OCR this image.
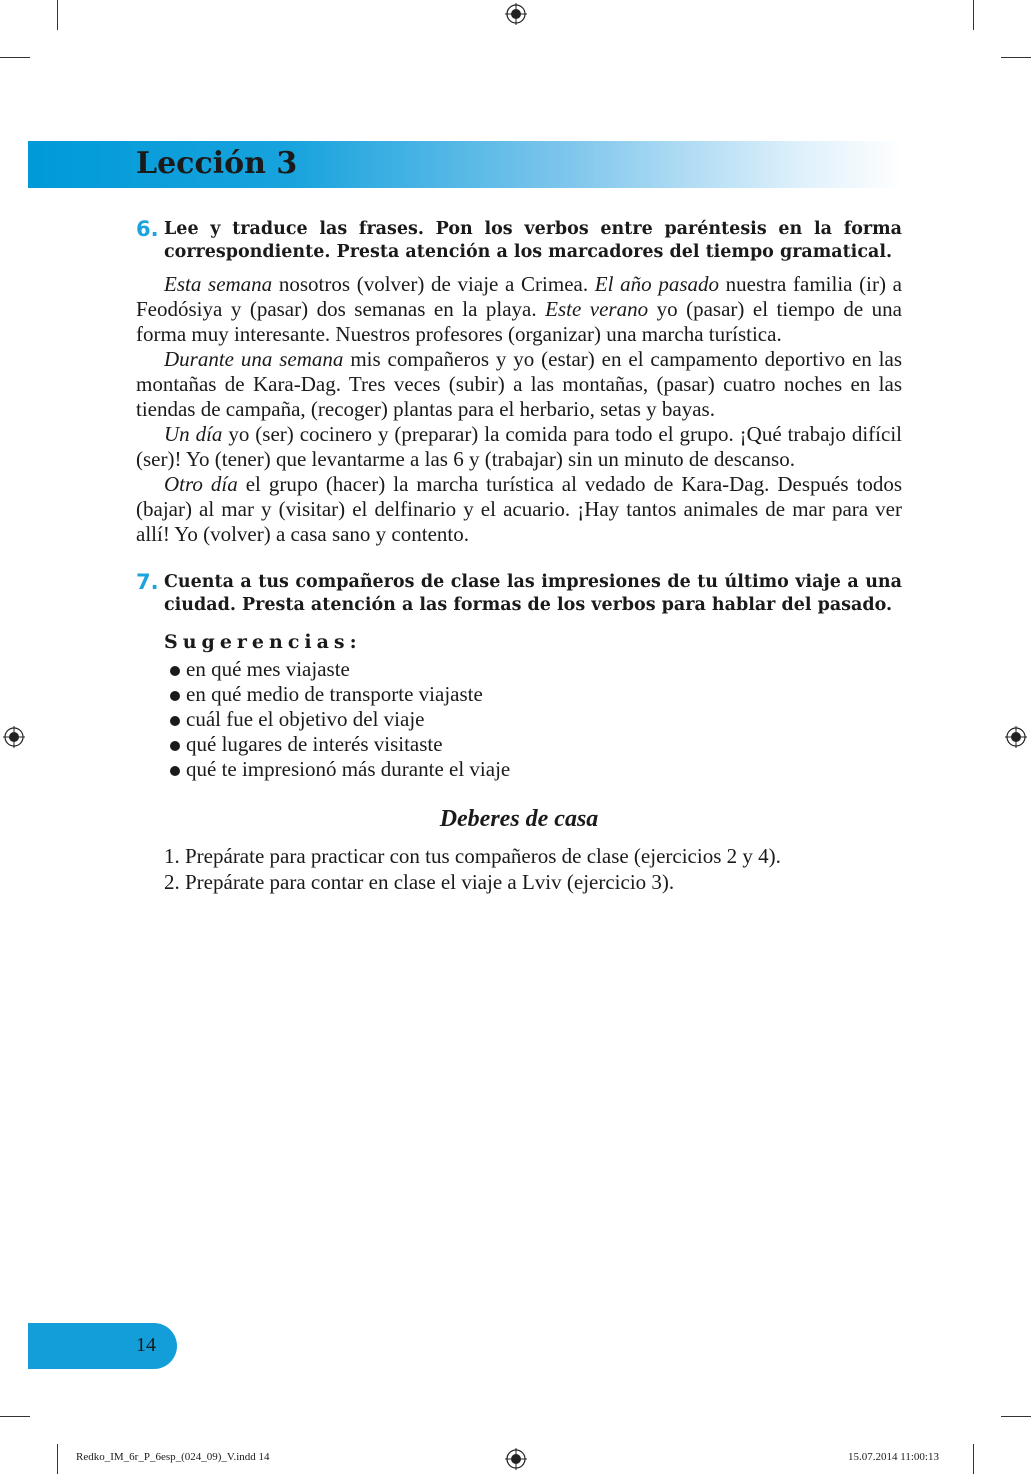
Lección 3
6. Lee y traduce las frases. Pon los verbos entre paréntesis en la forma correspondiente. Presta atención a los marcadores del tiempo gramatical.

Esta semana nosotros (volver) de viaje a Crimea. El año pasado nuestra familia (ir) a Feodósiya y (pasar) dos semanas en la playa. Este verano yo (pasar) el tiempo de una forma muy interesante. Nuestros profesores (organizar) una marcha turística.

Durante una semana mis compañeros y yo (estar) en el campamento deportivo en las montañas de Kara-Dag. Tres veces (subir) a las montañas, (pasar) cuatro noches en las tiendas de campaña, (recoger) plantas para el herbario, setas y bayas.

Un día yo (ser) cocinero y (preparar) la comida para todo el grupo. ¡Qué trabajo difícil (ser)! Yo (tener) que levantarme a las 6 y (trabajar) sin un minuto de descanso.

Otro día el grupo (hacer) la marcha turística al vedado de Kara-Dag. Después todos (bajar) al mar y (visitar) el delfinario y el acuario. ¡Hay tantos animales de mar para ver allí! Yo (volver) a casa sano y contento.

7. Cuenta a tus compañeros de clase las impresiones de tu último viaje a una ciudad. Presta atención a las formas de los verbos para hablar del pasado.

Sugerencias:
en qué mes viajaste
en qué medio de transporte viajaste
cuál fue el objetivo del viaje
qué lugares de interés visitaste
qué te impresionó más durante el viaje
Deberes de casa
1. Prepárate para practicar con tus compañeros de clase (ejercicios 2 y 4).
2. Prepárate para contar en clase el viaje a Lviv (ejercicio 3).
14
Redko_IM_6r_P_6esp_(024_09)_V.indd 14	15.07.2014 11:00:13
